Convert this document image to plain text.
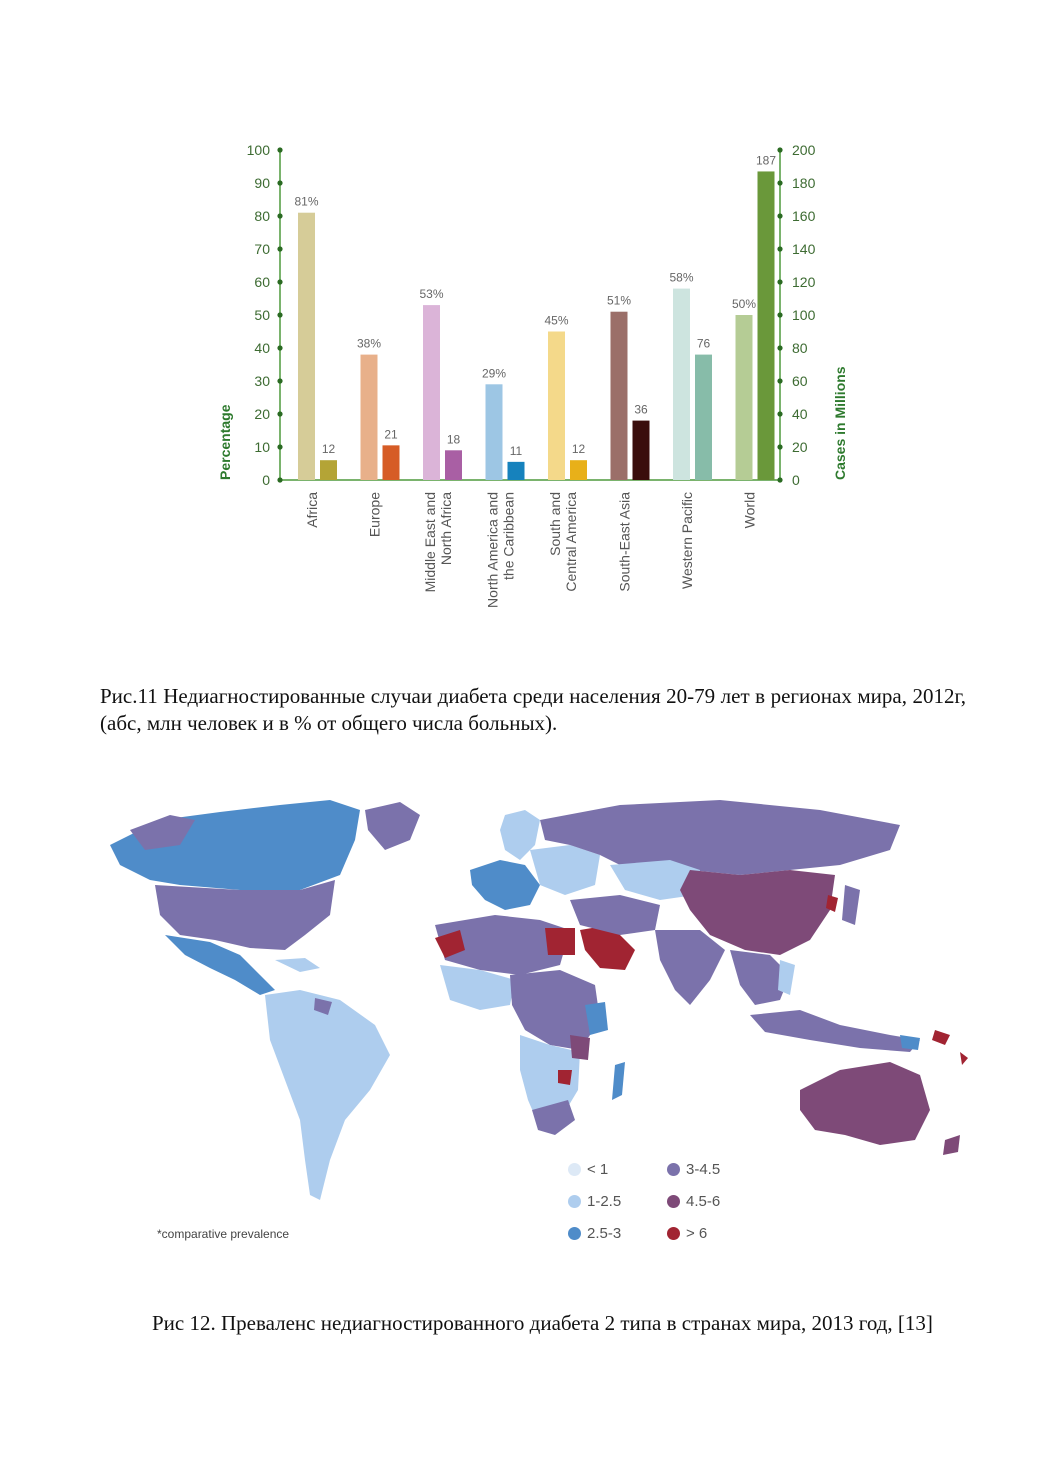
0
10
20
30
40
50
60
70
80
90
100
0
20
40
60
80
100
120
140
160
180
200
Percentage	Cases in Millions
81%
12
Africa
38%
21
Europe
53%
18
Middle East and North Africa
29%
11
North America and the Caribbean
45%
12
South and Central America
51%
36
South-East Asia
58%
76
Western Pacific
50%
187
World
Рис.11 Недиагностированные случаи диабета среди населения 20-79 лет в регионах мира, 2012г, (абс, млн человек и в % от общего числа больных).
< 1	3-4.5
1-2.5	4.5-6
2.5-3	> 6
*comparative prevalence
Рис 12. Преваленс недиагностированного диабета 2 типа в странах мира, 2013 год, [13]
